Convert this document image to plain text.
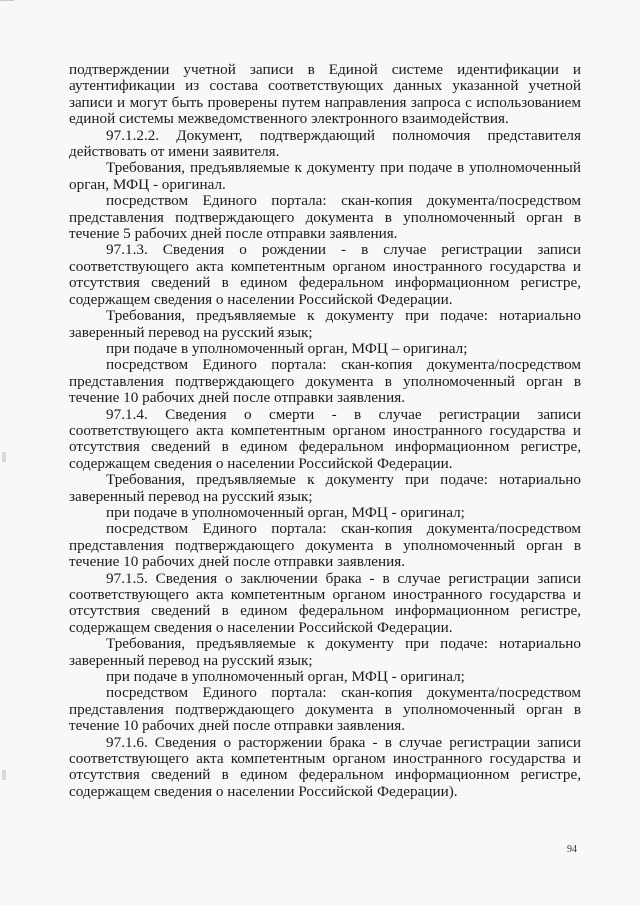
подтверждении учетной записи в Единой системе идентификации и аутентификации из состава соответствующих данных указанной учетной записи и могут быть проверены путем направления запроса с использованием единой системы межведомственного электронного взаимодействия.

97.1.2.2. Документ, подтверждающий полномочия представителя действовать от имени заявителя.

Требования, предъявляемые к документу при подаче в уполномоченный орган, МФЦ - оригинал.

посредством Единого портала: скан-копия документа/посредством представления подтверждающего документа в уполномоченный орган в течение 5 рабочих дней после отправки заявления.

97.1.3. Сведения о рождении - в случае регистрации записи соответствующего акта компетентным органом иностранного государства и отсутствия сведений в едином федеральном информационном регистре, содержащем сведения о населении Российской Федерации.

Требования, предъявляемые к документу при подаче: нотариально заверенный перевод на русский язык;

при подаче в уполномоченный орган, МФЦ – оригинал;

посредством Единого портала: скан-копия документа/посредством представления подтверждающего документа в уполномоченный орган в течение 10 рабочих дней после отправки заявления.

97.1.4. Сведения о смерти - в случае регистрации записи соответствующего акта компетентным органом иностранного государства и отсутствия сведений в едином федеральном информационном регистре, содержащем сведения о населении Российской Федерации.

Требования, предъявляемые к документу при подаче: нотариально заверенный перевод на русский язык;

при подаче в уполномоченный орган, МФЦ - оригинал;

посредством Единого портала: скан-копия документа/посредством представления подтверждающего документа в уполномоченный орган в течение 10 рабочих дней после отправки заявления.

97.1.5. Сведения о заключении брака - в случае регистрации записи соответствующего акта компетентным органом иностранного государства и отсутствия сведений в едином федеральном информационном регистре, содержащем сведения о населении Российской Федерации.

Требования, предъявляемые к документу при подаче: нотариально заверенный перевод на русский язык;

при подаче в уполномоченный орган, МФЦ - оригинал;

посредством Единого портала: скан-копия документа/посредством представления подтверждающего документа в уполномоченный орган в течение 10 рабочих дней после отправки заявления.

97.1.6. Сведения о расторжении брака - в случае регистрации записи соответствующего акта компетентным органом иностранного государства и отсутствия сведений в едином федеральном информационном регистре, содержащем сведения о населении Российской Федерации).

94
